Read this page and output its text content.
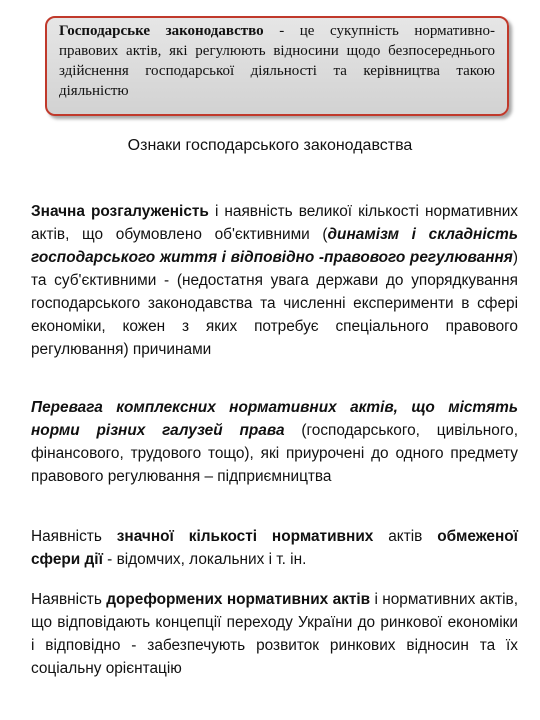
Господарське законодавство - це сукупність нормативно-правових актів, які регулюють відносини щодо безпосереднього здійснення господарської діяльності та керівництва такою діяльністю
Ознаки господарського законодавства

Значна розгалуженість і наявність великої кількості нормативних актів, що обумовлено об'єктивними (динамізм і складність господарського життя і відповідно -правового регулювання) та суб'єктивними - (недостатня увага держави до упорядкування господарського законодавства та численні експерименти в сфері економіки, кожен з яких потребує спеціального правового регулювання) причинами

Перевага комплексних нормативних актів, що містять норми різних галузей права (господарського, цивільного, фінансового, трудового тощо), які приурочені до одного предмету правового регулювання – підприємництва

Наявність значної кількості нормативних актів обмеженої сфери дії - відомчих, локальних і т. ін.

Наявність дореформених нормативних актів і нормативних актів, що відповідають концепції переходу України до ринкової економіки і відповідно - забезпечують розвиток ринкових відносин та їх соціальну орієнтацію
